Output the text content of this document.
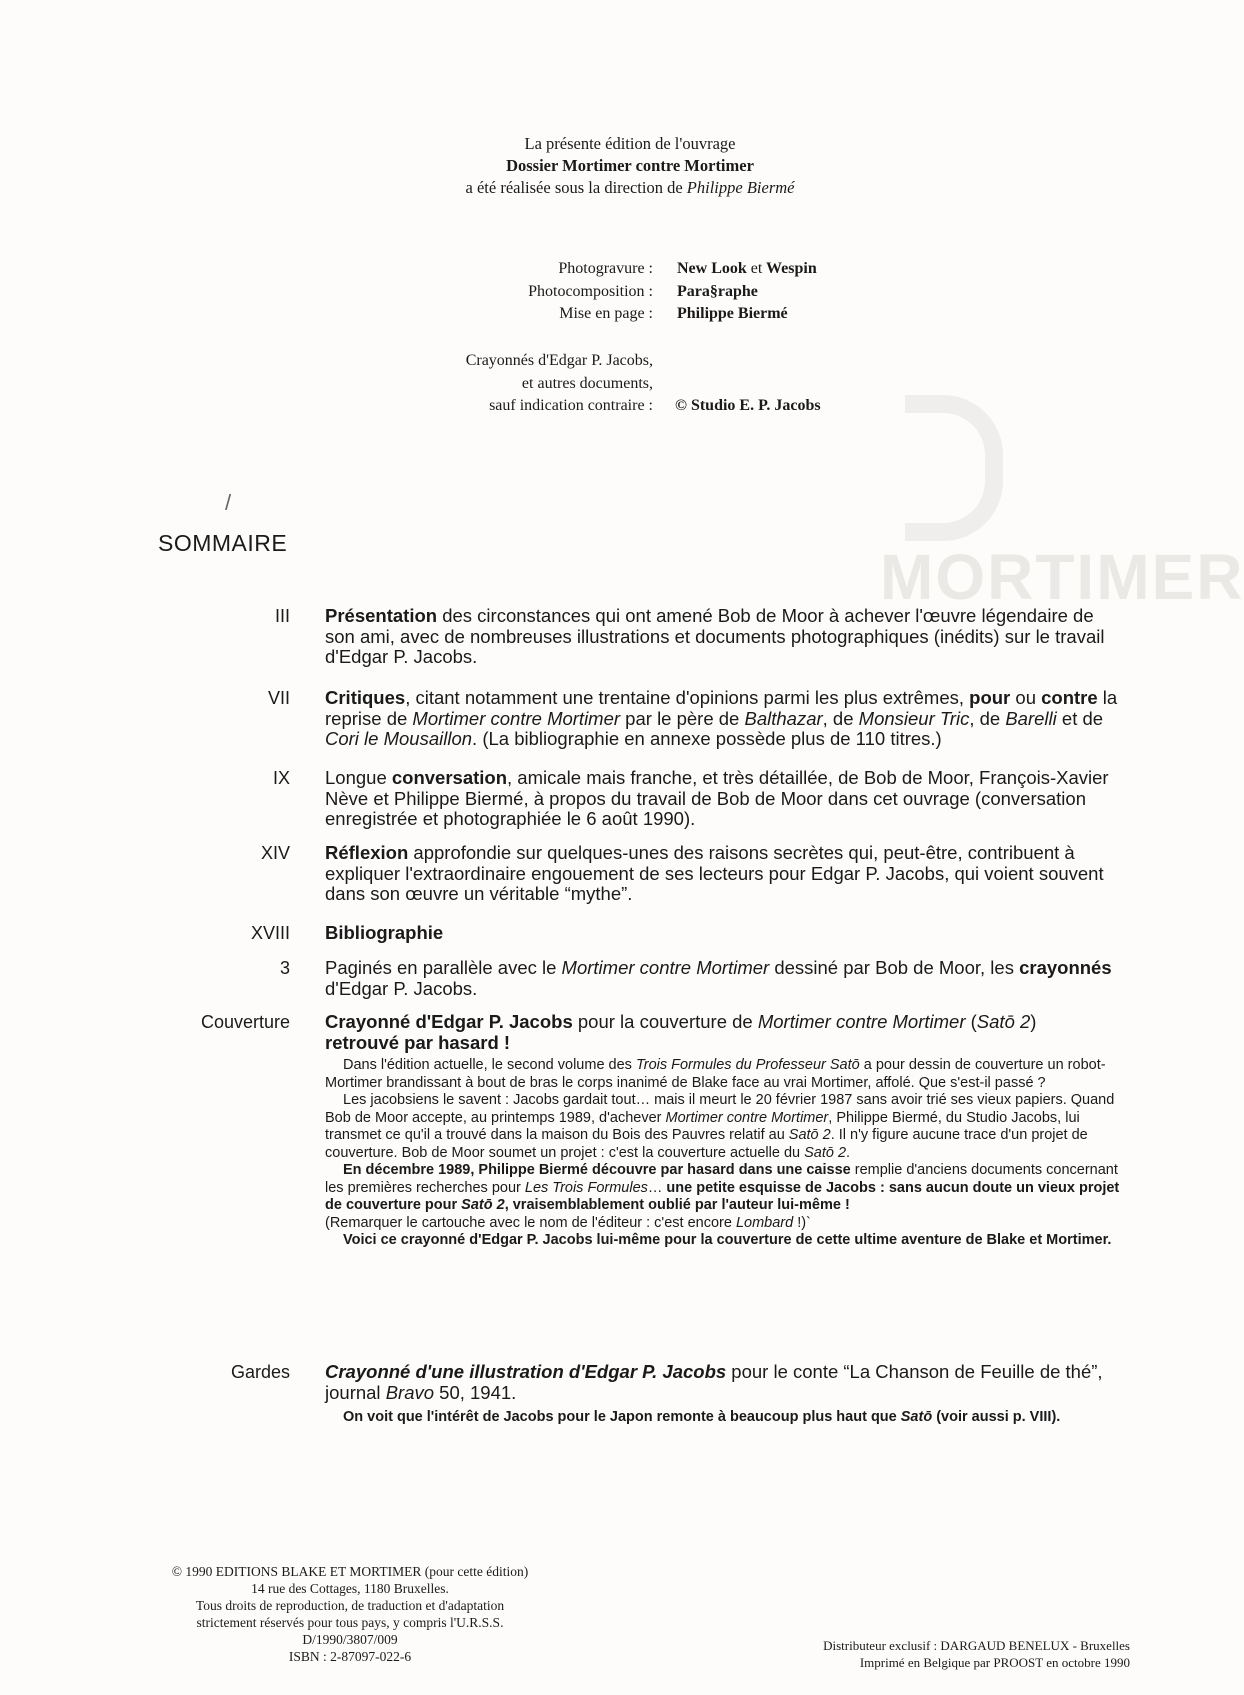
MORTIMER
La présente édition de l'ouvrage
Dossier Mortimer contre Mortimer
a été réalisée sous la direction de Philippe Biermé
Photogravure :
Photocomposition :
Mise en page :
New Look et Wespin
Para§raphe
Philippe Biermé
Crayonnés d'Edgar P. Jacobs,
et autres documents,
sauf indication contraire : © Studio E. P. Jacobs
/
SOMMAIRE
III Présentation des circonstances qui ont amené Bob de Moor à achever l'œuvre légendaire de son ami, avec de nombreuses illustrations et documents photographiques (inédits) sur le travail d'Edgar P. Jacobs.
VII Critiques, citant notamment une trentaine d'opinions parmi les plus extrêmes, pour ou contre la reprise de Mortimer contre Mortimer par le père de Balthazar, de Monsieur Tric, de Barelli et de Cori le Mousaillon. (La bibliographie en annexe possède plus de 110 titres.)
IX Longue conversation, amicale mais franche, et très détaillée, de Bob de Moor, François-Xavier Nève et Philippe Biermé, à propos du travail de Bob de Moor dans cet ouvrage (conversation enregistrée et photographiée le 6 août 1990).
XIV Réflexion approfondie sur quelques-unes des raisons secrètes qui, peut-être, contribuent à expliquer l'extraordinaire engouement de ses lecteurs pour Edgar P. Jacobs, qui voient souvent dans son œuvre un véritable “mythe”.
XVIII Bibliographie
3 Paginés en parallèle avec le Mortimer contre Mortimer dessiné par Bob de Moor, les crayonnés d'Edgar P. Jacobs.
Couverture Crayonné d'Edgar P. Jacobs pour la couverture de Mortimer contre Mortimer (Satō 2)
retrouvé par hasard !

Dans l'édition actuelle, le second volume des Trois Formules du Professeur Satō a pour dessin de couverture un robot-Mortimer brandissant à bout de bras le corps inanimé de Blake face au vrai Mortimer, affolé. Que s'est-il passé ?

Les jacobsiens le savent : Jacobs gardait tout… mais il meurt le 20 février 1987 sans avoir trié ses vieux papiers. Quand Bob de Moor accepte, au printemps 1989, d'achever Mortimer contre Mortimer, Philippe Biermé, du Studio Jacobs, lui transmet ce qu'il a trouvé dans la maison du Bois des Pauvres relatif au Satō 2. Il n'y figure aucune trace d'un projet de couverture. Bob de Moor soumet un projet : c'est la couverture actuelle du Satō 2.

En décembre 1989, Philippe Biermé découvre par hasard dans une caisse remplie d'anciens documents concernant les premières recherches pour Les Trois Formules… une petite esquisse de Jacobs : sans aucun doute un vieux projet de couverture pour Satō 2, vraisemblablement oublié par l'auteur lui-même !

(Remarquer le cartouche avec le nom de l'éditeur : c'est encore Lombard !)`

Voici ce crayonné d'Edgar P. Jacobs lui-même pour la couverture de cette ultime aventure de Blake et Mortimer.

Gardes Crayonné d'une illustration d'Edgar P. Jacobs pour le conte “La Chanson de Feuille de thé”, journal Bravo 50, 1941.

On voit que l'intérêt de Jacobs pour le Japon remonte à beaucoup plus haut que Satō (voir aussi p. VIII).

© 1990 EDITIONS BLAKE ET MORTIMER (pour cette édition)
14 rue des Cottages, 1180 Bruxelles.
Tous droits de reproduction, de traduction et d'adaptation
strictement réservés pour tous pays, y compris l'U.R.S.S.
D/1990/3807/009
ISBN : 2-87097-022-6
Distributeur exclusif : DARGAUD BENELUX - Bruxelles
Imprimé en Belgique par PROOST en octobre 1990
